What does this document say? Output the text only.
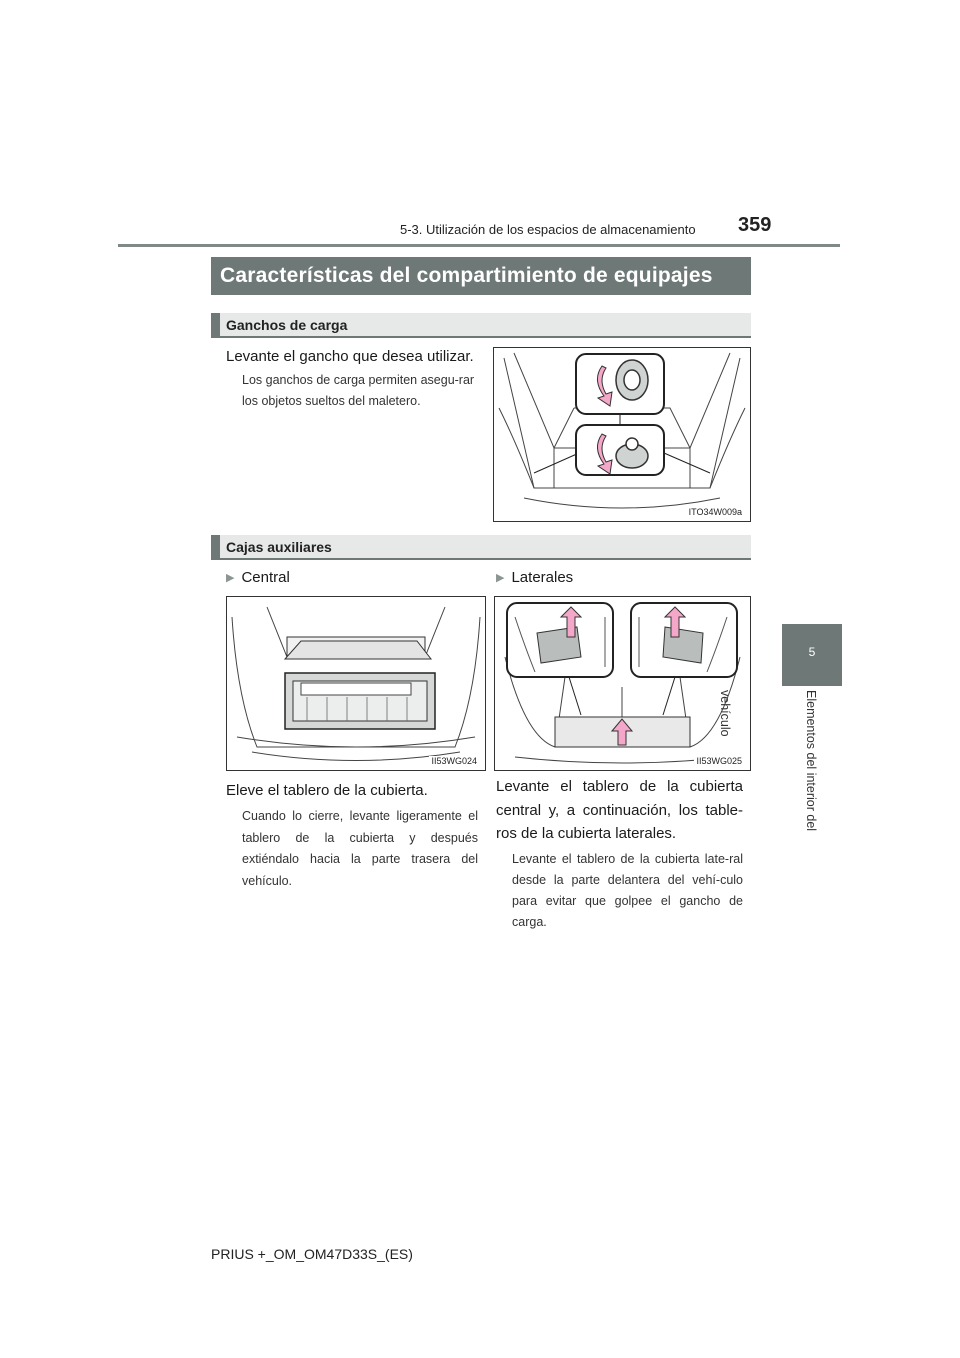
5-3. Utilización de los espacios de almacenamiento 359
Características del compartimiento de equipajes
Ganchos de carga
Levante el gancho que desea utilizar.
Los ganchos de carga permiten asegu-rar los objetos sueltos del maletero.
ITO34W009a
Cajas auxiliares
▶ Central	▶ Laterales
II53WG024	II53WG025
Eleve el tablero de la cubierta.
Cuando lo cierre, levante ligeramente el tablero de la cubierta y después extiéndalo hacia la parte trasera del vehículo.
Levante el tablero de la cubierta central y, a continuación, los table-ros de la cubierta laterales.
Levante el tablero de la cubierta late-ral desde la parte delantera del vehí-culo para evitar que golpee el gancho de carga.
5
Elementos del interior del vehículo
PRIUS +_OM_OM47D33S_(ES)
